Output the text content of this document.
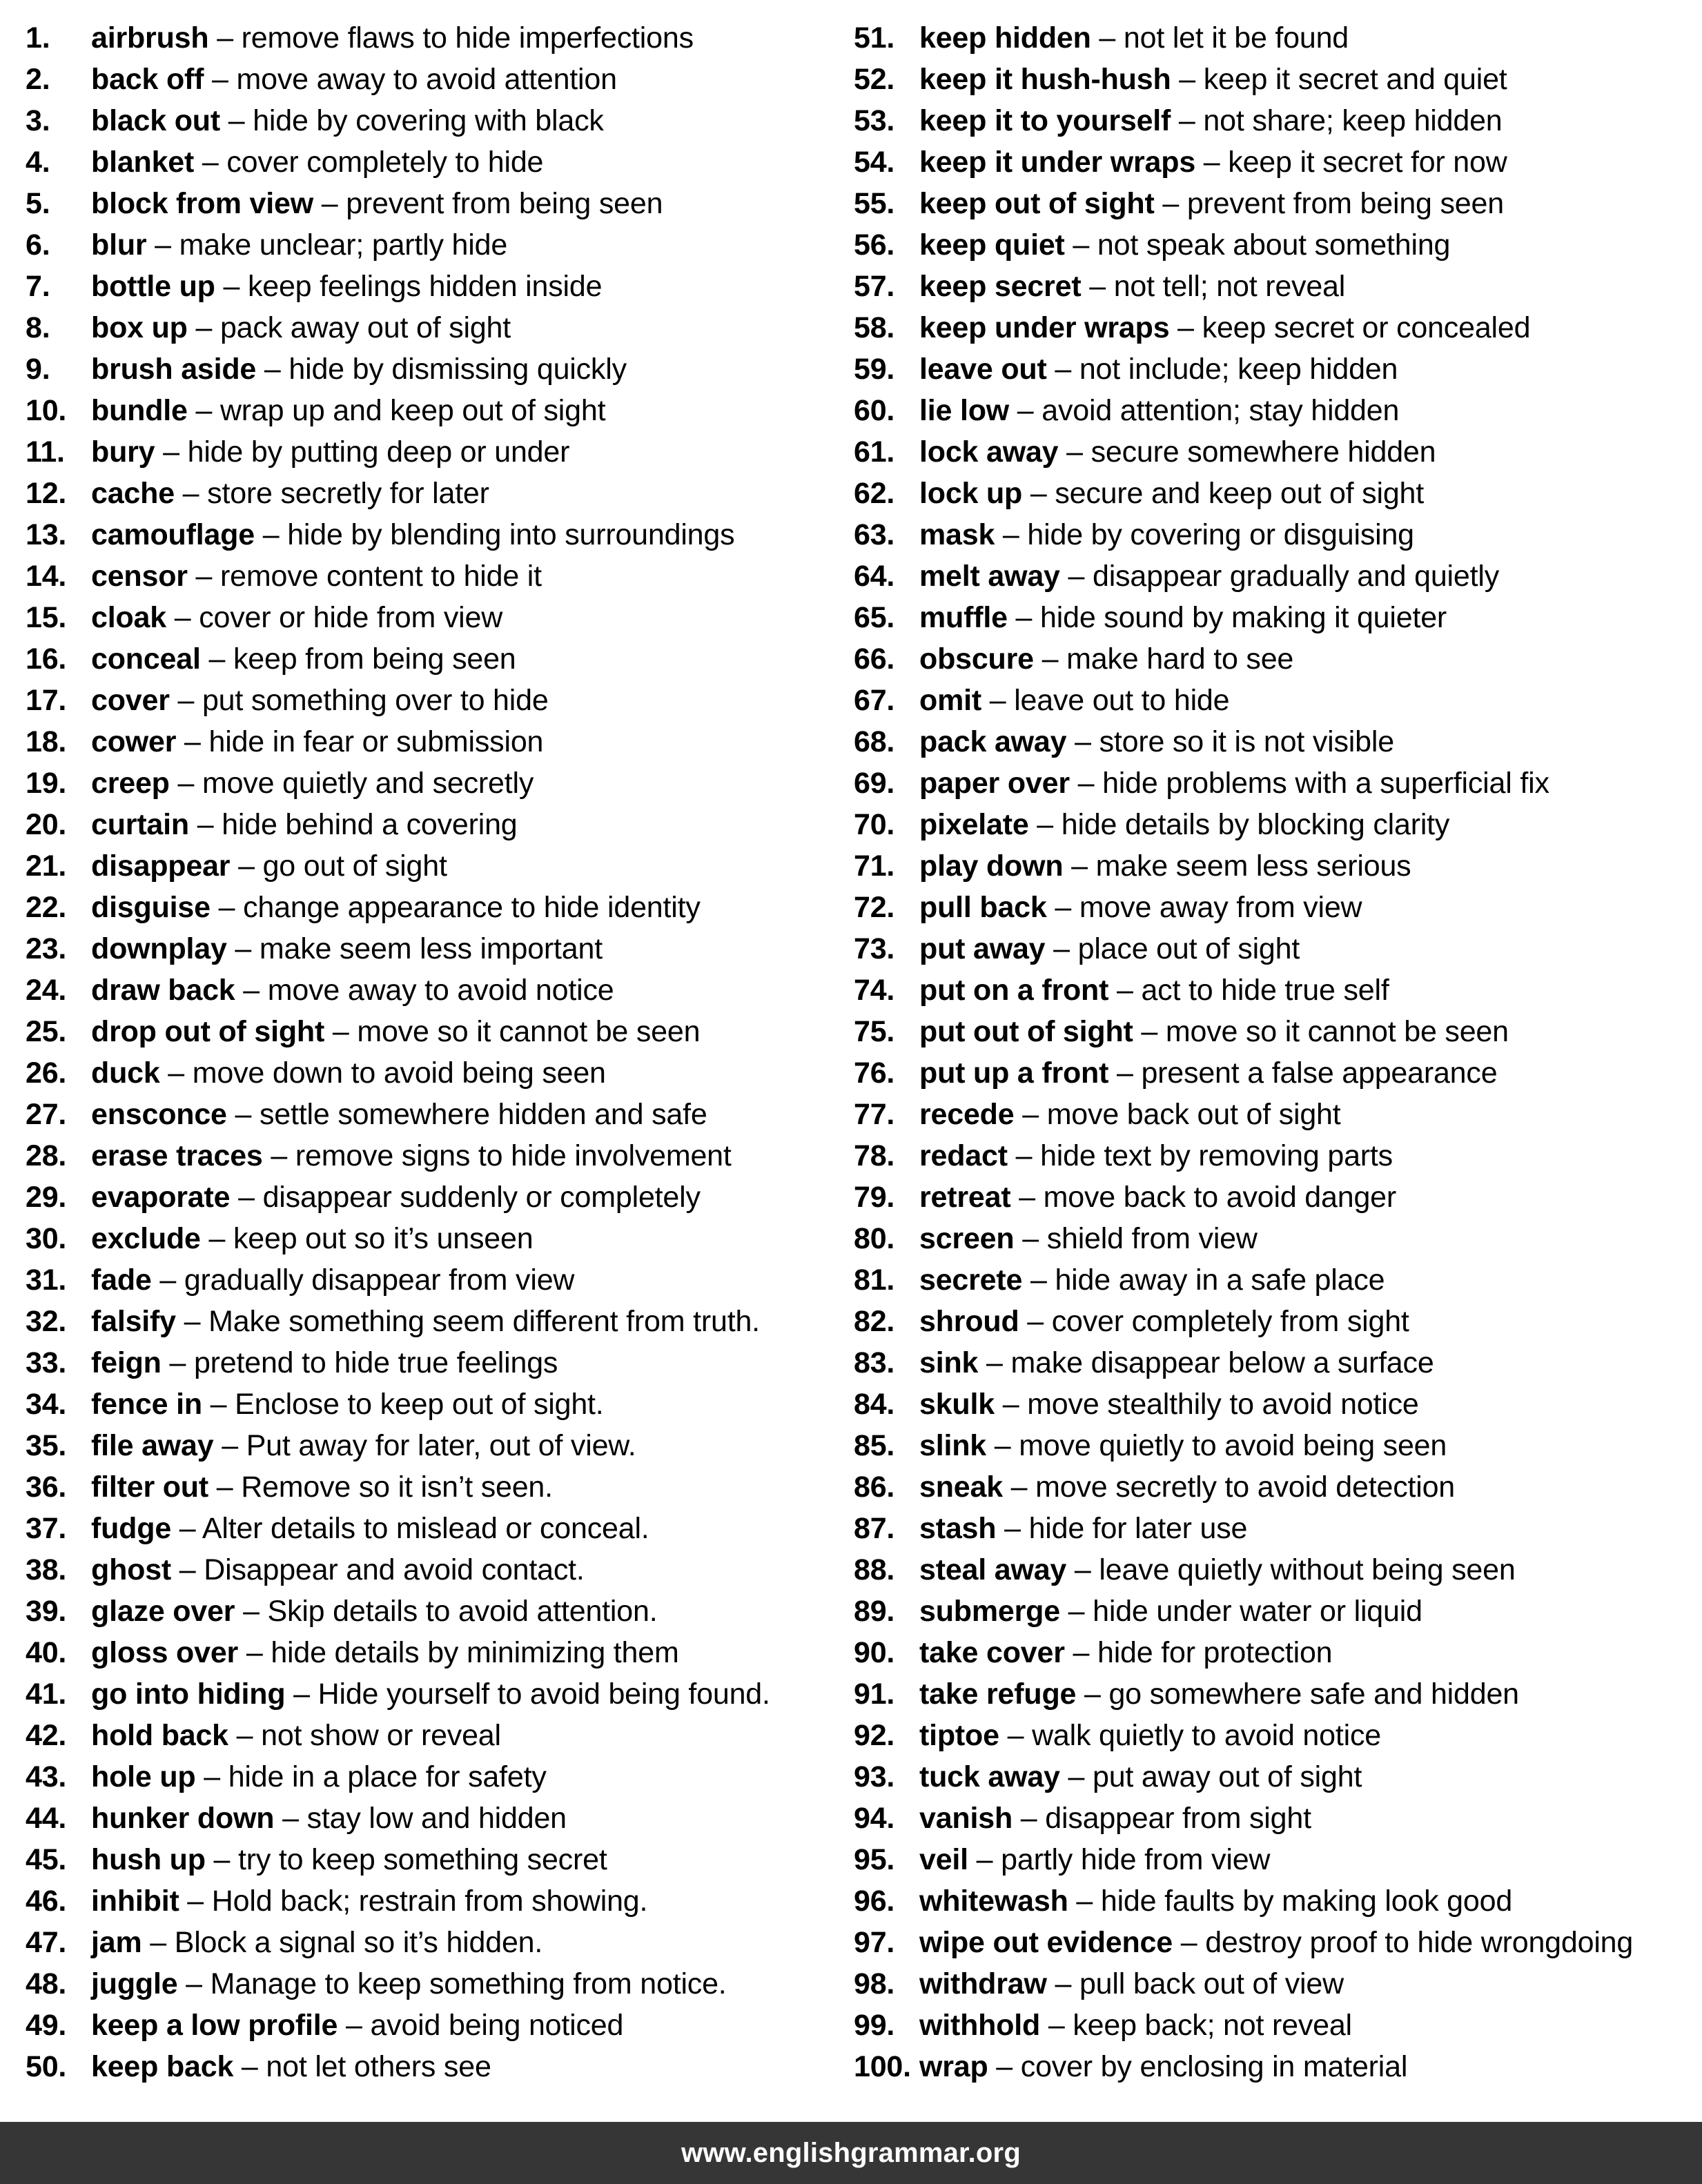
1. airbrush – remove flaws to hide imperfections
2. back off – move away to avoid attention
3. black out – hide by covering with black
4. blanket – cover completely to hide
5. block from view – prevent from being seen
6. blur – make unclear; partly hide
7. bottle up – keep feelings hidden inside
8. box up – pack away out of sight
9. brush aside – hide by dismissing quickly
10. bundle – wrap up and keep out of sight
11. bury – hide by putting deep or under
12. cache – store secretly for later
13. camouflage – hide by blending into surroundings
14. censor – remove content to hide it
15. cloak – cover or hide from view
16. conceal – keep from being seen
17. cover – put something over to hide
18. cower – hide in fear or submission
19. creep – move quietly and secretly
20. curtain – hide behind a covering
21. disappear – go out of sight
22. disguise – change appearance to hide identity
23. downplay – make seem less important
24. draw back – move away to avoid notice
25. drop out of sight – move so it cannot be seen
26. duck – move down to avoid being seen
27. ensconce – settle somewhere hidden and safe
28. erase traces – remove signs to hide involvement
29. evaporate – disappear suddenly or completely
30. exclude – keep out so it’s unseen
31. fade – gradually disappear from view
32. falsify – Make something seem different from truth.
33. feign – pretend to hide true feelings
34. fence in – Enclose to keep out of sight.
35. file away – Put away for later, out of view.
36. filter out – Remove so it isn’t seen.
37. fudge – Alter details to mislead or conceal.
38. ghost – Disappear and avoid contact.
39. glaze over – Skip details to avoid attention.
40. gloss over – hide details by minimizing them
41. go into hiding – Hide yourself to avoid being found.
42. hold back – not show or reveal
43. hole up – hide in a place for safety
44. hunker down – stay low and hidden
45. hush up – try to keep something secret
46. inhibit – Hold back; restrain from showing.
47. jam – Block a signal so it’s hidden.
48. juggle – Manage to keep something from notice.
49. keep a low profile – avoid being noticed
50. keep back – not let others see
51. keep hidden – not let it be found
52. keep it hush-hush – keep it secret and quiet
53. keep it to yourself – not share; keep hidden
54. keep it under wraps – keep it secret for now
55. keep out of sight – prevent from being seen
56. keep quiet – not speak about something
57. keep secret – not tell; not reveal
58. keep under wraps – keep secret or concealed
59. leave out – not include; keep hidden
60. lie low – avoid attention; stay hidden
61. lock away – secure somewhere hidden
62. lock up – secure and keep out of sight
63. mask – hide by covering or disguising
64. melt away – disappear gradually and quietly
65. muffle – hide sound by making it quieter
66. obscure – make hard to see
67. omit – leave out to hide
68. pack away – store so it is not visible
69. paper over – hide problems with a superficial fix
70. pixelate – hide details by blocking clarity
71. play down – make seem less serious
72. pull back – move away from view
73. put away – place out of sight
74. put on a front – act to hide true self
75. put out of sight – move so it cannot be seen
76. put up a front – present a false appearance
77. recede – move back out of sight
78. redact – hide text by removing parts
79. retreat – move back to avoid danger
80. screen – shield from view
81. secrete – hide away in a safe place
82. shroud – cover completely from sight
83. sink – make disappear below a surface
84. skulk – move stealthily to avoid notice
85. slink – move quietly to avoid being seen
86. sneak – move secretly to avoid detection
87. stash – hide for later use
88. steal away – leave quietly without being seen
89. submerge – hide under water or liquid
90. take cover – hide for protection
91. take refuge – go somewhere safe and hidden
92. tiptoe – walk quietly to avoid notice
93. tuck away – put away out of sight
94. vanish – disappear from sight
95. veil – partly hide from view
96. whitewash – hide faults by making look good
97. wipe out evidence – destroy proof to hide wrongdoing
98. withdraw – pull back out of view
99. withhold – keep back; not reveal
100. wrap – cover by enclosing in material
www.englishgrammar.org
